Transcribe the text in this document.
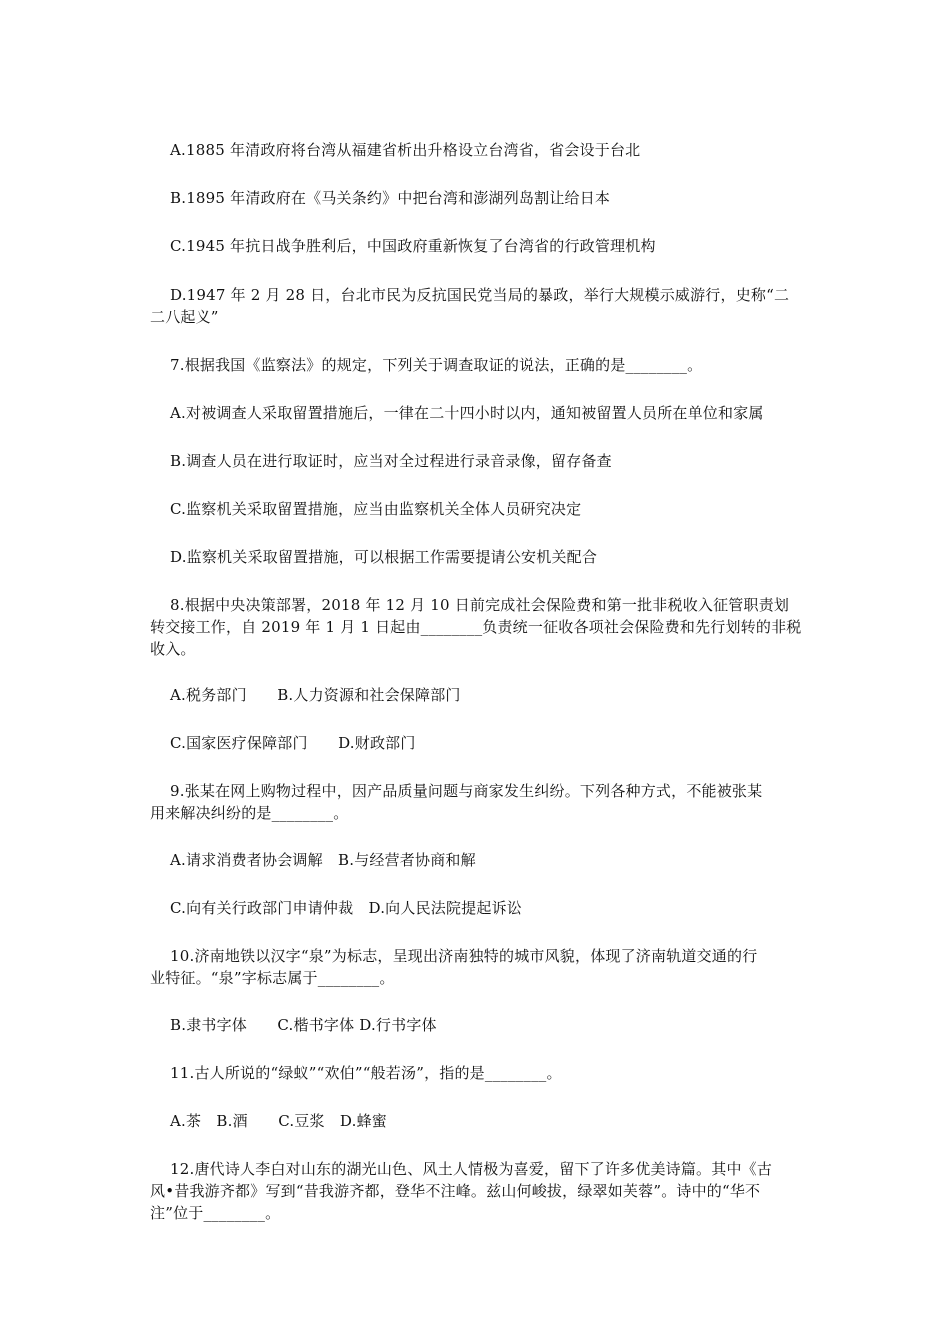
A.1885 年清政府将台湾从福建省析出升格设立台湾省，省会设于台北
B.1895 年清政府在《马关条约》中把台湾和澎湖列岛割让给日本
C.1945 年抗日战争胜利后，中国政府重新恢复了台湾省的行政管理机构
D.1947 年 2 月 28 日，台北市民为反抗国民党当局的暴政，举行大规模示威游行，史称“二
二八起义”
7.根据我国《监察法》的规定，下列关于调查取证的说法，正确的是________。
A.对被调查人采取留置措施后，一律在二十四小时以内，通知被留置人员所在单位和家属
B.调查人员在进行取证时，应当对全过程进行录音录像，留存备查
C.监察机关采取留置措施，应当由监察机关全体人员研究决定
D.监察机关采取留置措施，可以根据工作需要提请公安机关配合
8.根据中央决策部署，2018 年 12 月 10 日前完成社会保险费和第一批非税收入征管职责划
转交接工作，自 2019 年 1 月 1 日起由________负责统一征收各项社会保险费和先行划转的非税
收入。
A.税务部门　　B.人力资源和社会保障部门
C.国家医疗保障部门　　D.财政部门
9.张某在网上购物过程中，因产品质量问题与商家发生纠纷。下列各种方式，不能被张某
用来解决纠纷的是________。
A.请求消费者协会调解　B.与经营者协商和解
C.向有关行政部门申请仲裁　D.向人民法院提起诉讼
10.济南地铁以汉字“泉”为标志，呈现出济南独特的城市风貌，体现了济南轨道交通的行
业特征。“泉”字标志属于________。
B.隶书字体　　C.楷书字体 D.行书字体
11.古人所说的“绿蚁”“欢伯”“般若汤”，指的是________。
A.茶　B.酒　　C.豆浆　D.蜂蜜
12.唐代诗人李白对山东的湖光山色、风土人情极为喜爱，留下了许多优美诗篇。其中《古
风•昔我游齐都》写到“昔我游齐都，登华不注峰。兹山何峻拔，绿翠如芙蓉”。诗中的“华不
注”位于________。
